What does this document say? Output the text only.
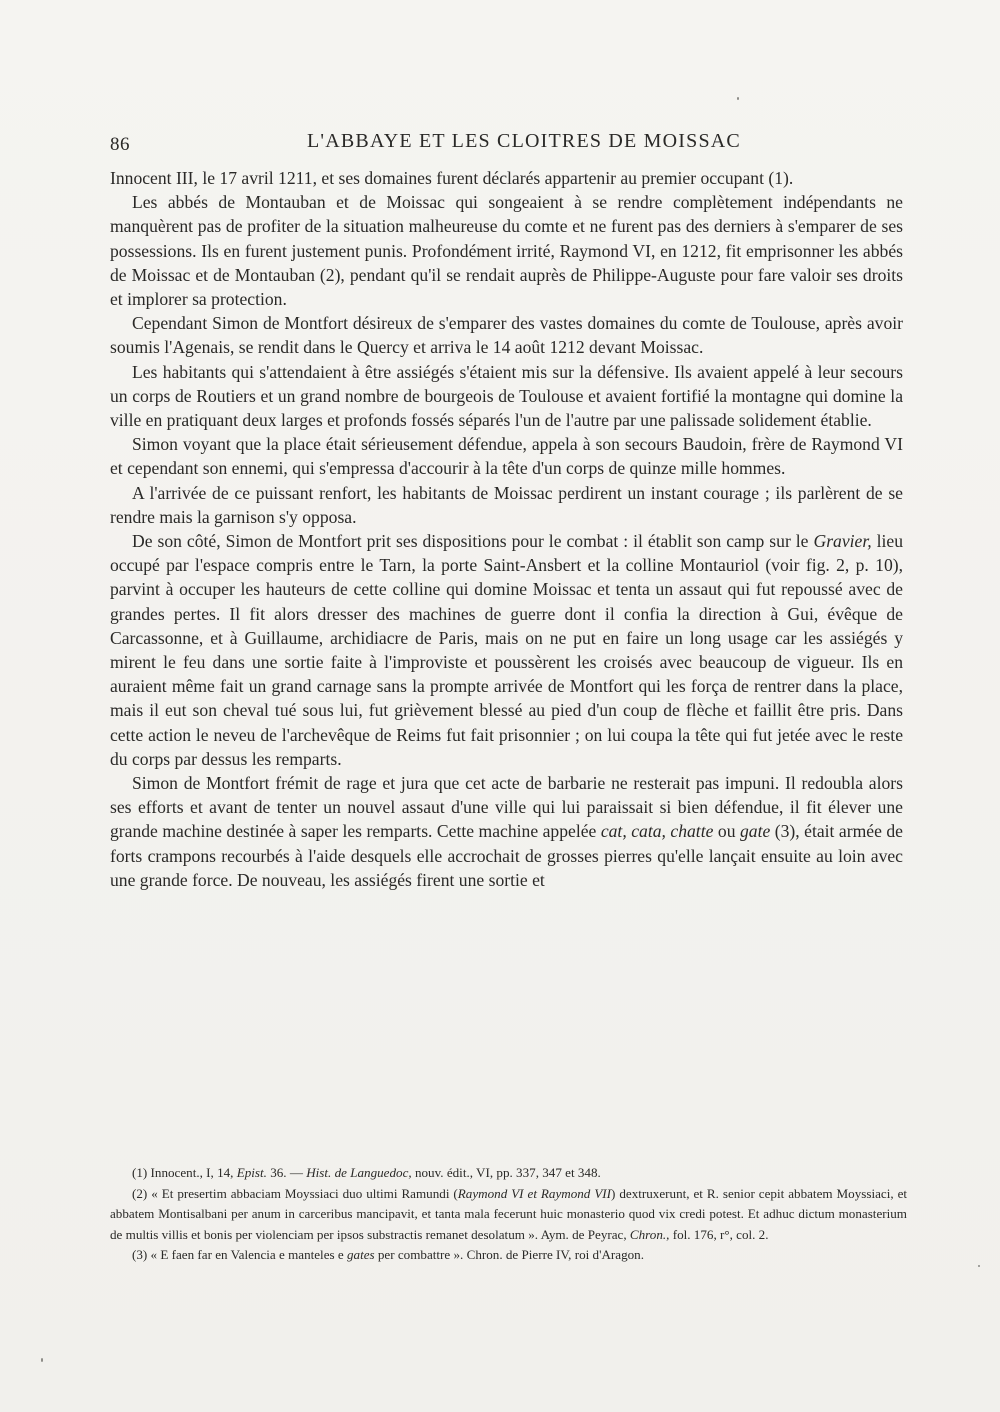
86	L'ABBAYE ET LES CLOITRES DE MOISSAC

Innocent III, le 17 avril 1211, et ses domaines furent déclarés appartenir au premier occupant (1).

Les abbés de Montauban et de Moissac qui songeaient à se rendre complètement indépendants ne manquèrent pas de profiter de la situation malheureuse du comte et ne furent pas des derniers à s'emparer de ses possessions. Ils en furent justement punis. Profondément irrité, Raymond VI, en 1212, fit emprisonner les abbés de Moissac et de Montauban (2), pendant qu'il se rendait auprès de Philippe-Auguste pour fare valoir ses droits et implorer sa protection.

Cependant Simon de Montfort désireux de s'emparer des vastes domaines du comte de Toulouse, après avoir soumis l'Agenais, se rendit dans le Quercy et arriva le 14 août 1212 devant Moissac.

Les habitants qui s'attendaient à être assiégés s'étaient mis sur la défensive. Ils avaient appelé à leur secours un corps de Routiers et un grand nombre de bourgeois de Toulouse et avaient fortifié la montagne qui domine la ville en pratiquant deux larges et profonds fossés séparés l'un de l'autre par une palissade solidement établie.

Simon voyant que la place était sérieusement défendue, appela à son secours Baudoin, frère de Raymond VI et cependant son ennemi, qui s'empressa d'accourir à la tête d'un corps de quinze mille hommes.

A l'arrivée de ce puissant renfort, les habitants de Moissac perdirent un instant courage ; ils parlèrent de se rendre mais la garnison s'y opposa.

De son côté, Simon de Montfort prit ses dispositions pour le combat : il établit son camp sur le Gravier, lieu occupé par l'espace compris entre le Tarn, la porte Saint-Ansbert et la colline Montauriol (voir fig. 2, p. 10), parvint à occuper les hauteurs de cette colline qui domine Moissac et tenta un assaut qui fut repoussé avec de grandes pertes. Il fit alors dresser des machines de guerre dont il confia la direction à Gui, évêque de Carcassonne, et à Guillaume, archidiacre de Paris, mais on ne put en faire un long usage car les assiégés y mirent le feu dans une sortie faite à l'improviste et poussèrent les croisés avec beaucoup de vigueur. Ils en auraient même fait un grand carnage sans la prompte arrivée de Montfort qui les força de rentrer dans la place, mais il eut son cheval tué sous lui, fut grièvement blessé au pied d'un coup de flèche et faillit être pris. Dans cette action le neveu de l'archevêque de Reims fut fait prisonnier ; on lui coupa la tête qui fut jetée avec le reste du corps par dessus les remparts.

Simon de Montfort frémit de rage et jura que cet acte de barbarie ne resterait pas impuni. Il redoubla alors ses efforts et avant de tenter un nouvel assaut d'une ville qui lui paraissait si bien défendue, il fit élever une grande machine destinée à saper les remparts. Cette machine appelée cat, cata, chatte ou gate (3), était armée de forts crampons recourbés à l'aide desquels elle accrochait de grosses pierres qu'elle lançait ensuite au loin avec une grande force. De nouveau, les assiégés firent une sortie et

(1) Innocent., I, 14, Epist. 36. — Hist. de Languedoc, nouv. édit., VI, pp. 337, 347 et 348.

(2) « Et presertim abbaciam Moyssiaci duo ultimi Ramundi (Raymond VI et Raymond VII) dextruxerunt, et R. senior cepit abbatem Moyssiaci, et abbatem Montisalbani per anum in carceribus mancipavit, et tanta mala fecerunt huic monasterio quod vix credi potest. Et adhuc dictum monasterium de multis villis et bonis per violenciam per ipsos substractis remanet desolatum ». Aym. de Peyrac, Chron., fol. 176, r°, col. 2.

(3) « E faen far en Valencia e manteles e gates per combattre ». Chron. de Pierre IV, roi d'Aragon.
